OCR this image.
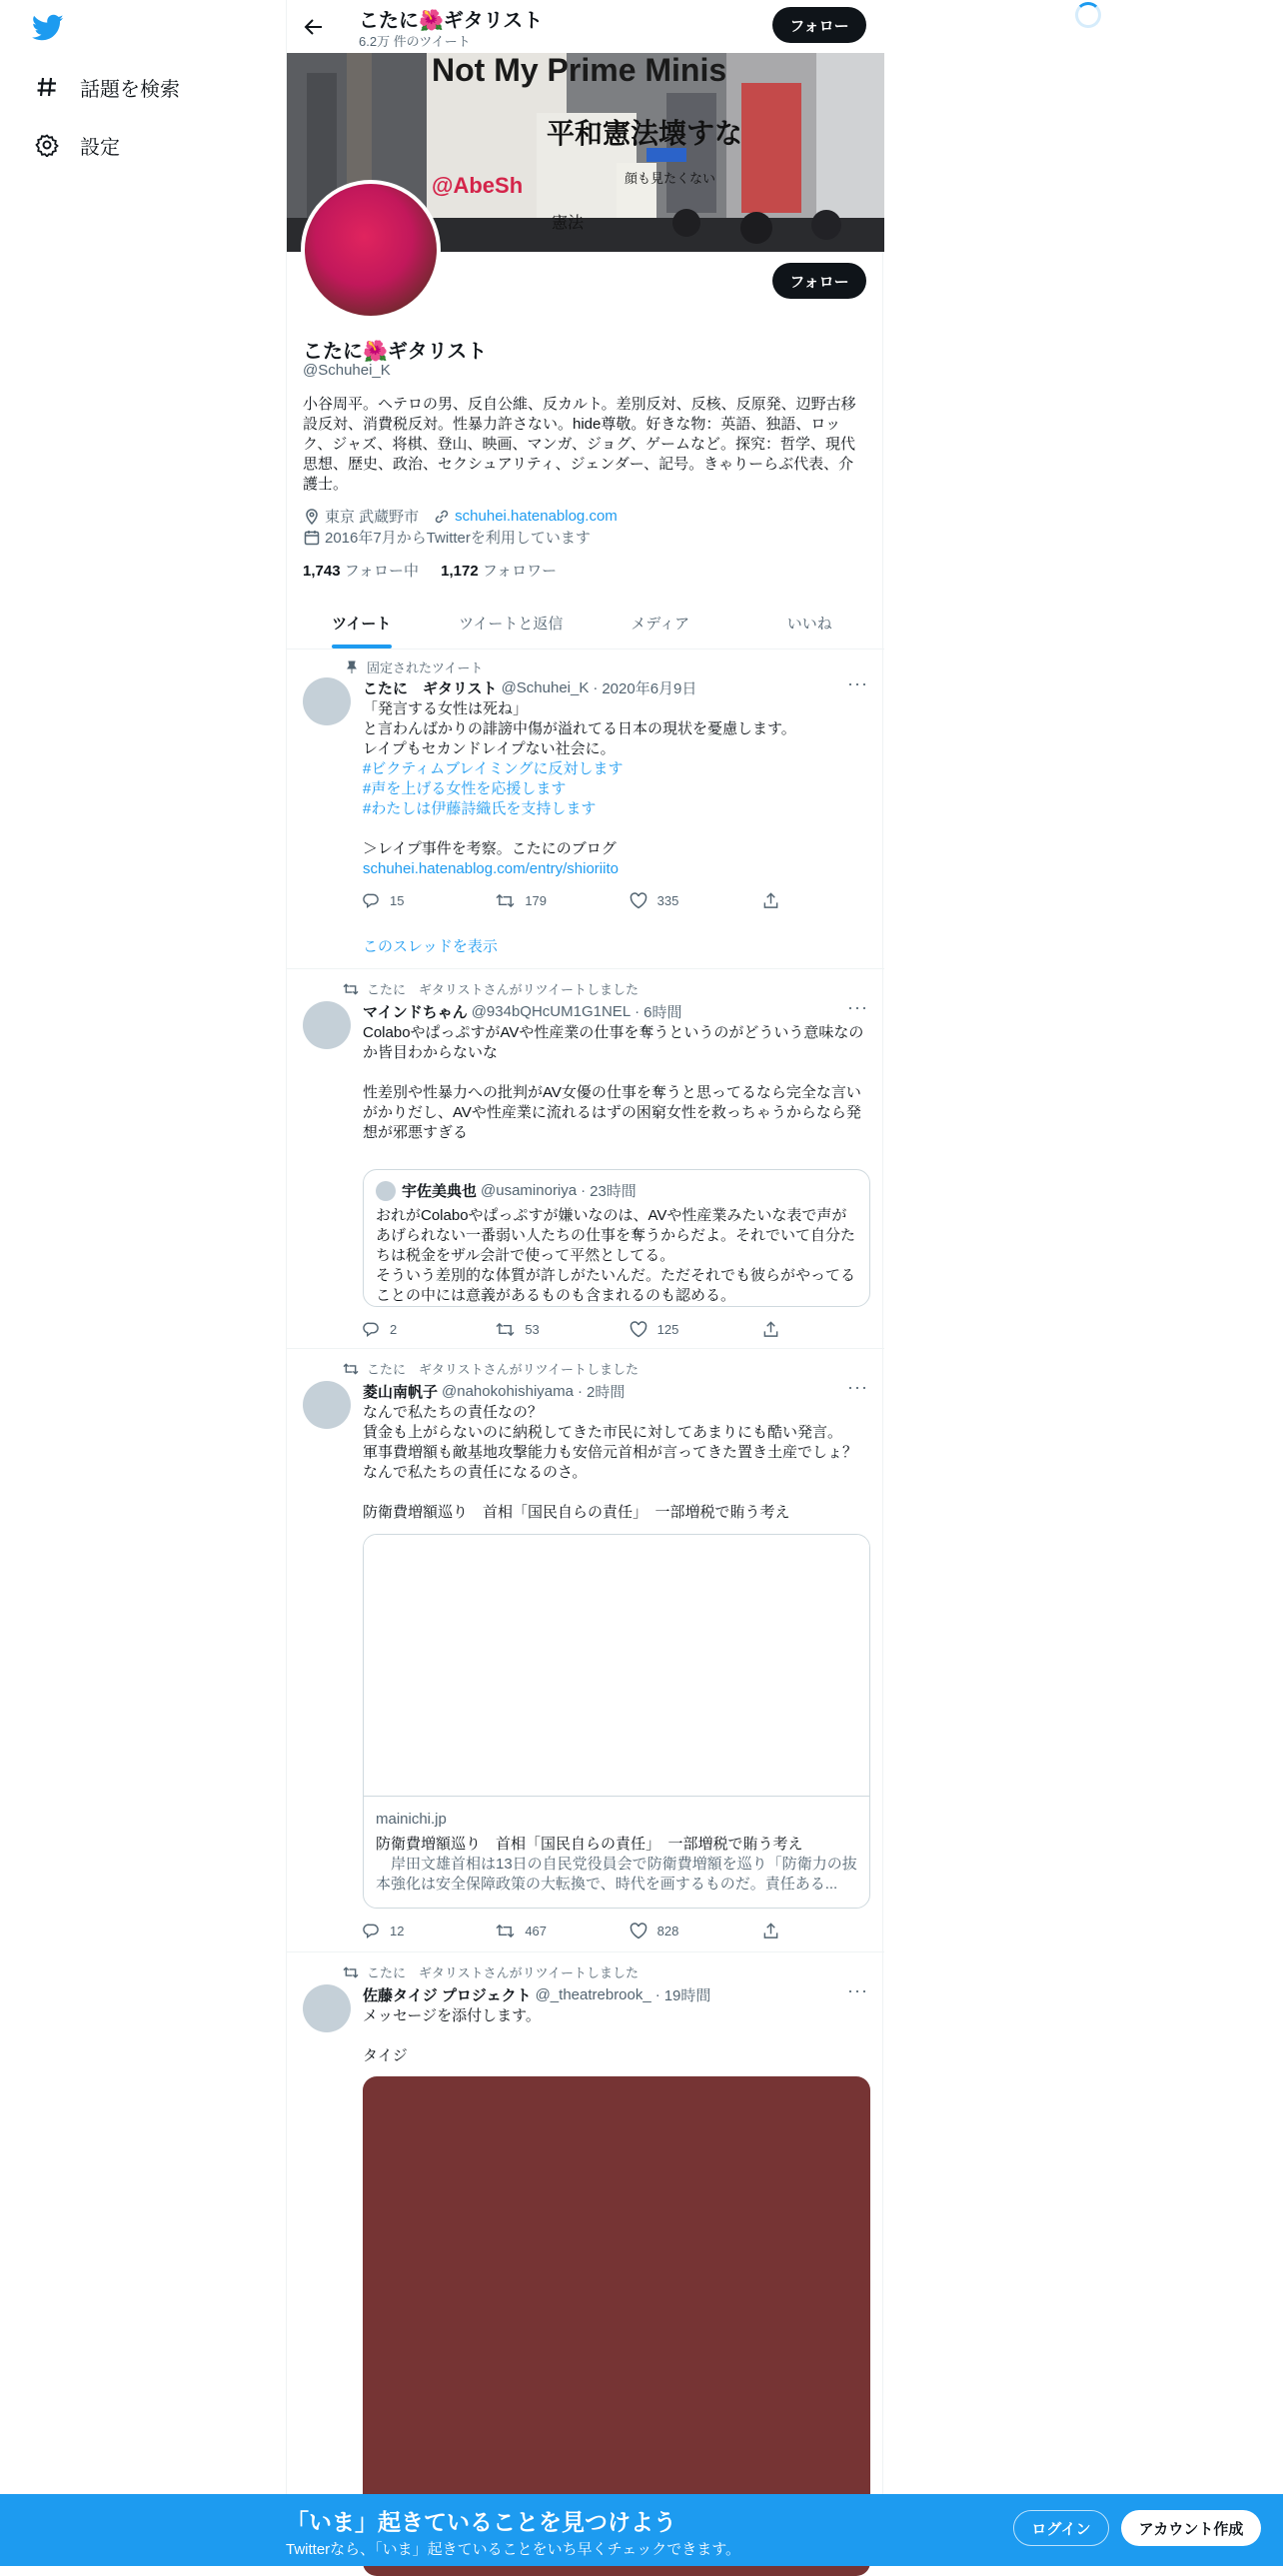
話題を検索
設定
こたに🌺ギタリスト
6.2万 件のツイート
フォロー
Not My Prime Minis
@AbeSh
平和憲法壊すな
憲法
顔も見たくない
フォロー
こたに🌺ギタリスト
@Schuhei_K
小谷周平。ヘテロの男、反自公維、反カルト。差別反対、反核、反原発、辺野古移設反対、消費税反対。性暴力許さない。hide尊敬。好きな物：英語、独語、ロック、ジャズ、将棋、登山、映画、マンガ、ジョグ、ゲームなど。探究：哲学、現代思想、歴史、政治、セクシュアリティ、ジェンダー、記号。きゃりーらぶ代表、介護士。
東京 武蔵野市 schuhei.hatenablog.com
2016年7月からTwitterを利用しています
1,743 フォロー中 1,172 フォロワー
ツイート	ツイートと返信	メディア	いいね
固定されたツイート
こたに　ギタリスト @Schuhei_K · 2020年6月9日	···
「発言する女性は死ね」
と言わんばかりの誹謗中傷が溢れてる日本の現状を憂慮します。
レイプもセカンドレイプない社会に。
#ビクティムブレイミングに反対します
#声を上げる女性を応援します
#わたしは伊藤詩織氏を支持します
＞レイプ事件を考察。こたにのブログ
schuhei.hatenablog.com/entry/shioriito
15	179	335
このスレッドを表示
こたに　ギタリストさんがリツイートしました
マインドちゃん @934bQHcUM1G1NEL · 6時間	···
ColaboやぱっぷすがAVや性産業の仕事を奪うというのがどういう意味なのか皆目わからないな
性差別や性暴力への批判がAV女優の仕事を奪うと思ってるなら完全な言いがかりだし、AVや性産業に流れるはずの困窮女性を救っちゃうからなら発想が邪悪すぎる
宇佐美典也 @usaminoriya · 23時間
おれがColaboやぱっぷすが嫌いなのは、AVや性産業みたいな表で声があげられない一番弱い人たちの仕事を奪うからだよ。それでいて自分たちは税金をザル会計で使って平然としてる。
そういう差別的な体質が許しがたいんだ。ただそれでも彼らがやってることの中には意義があるものも含まれるのも認める。
2	53	125
こたに　ギタリストさんがリツイートしました
菱山南帆子 @nahokohishiyama · 2時間	···
なんで私たちの責任なの？
賃金も上がらないのに納税してきた市民に対してあまりにも酷い発言。
軍事費増額も敵基地攻撃能力も安倍元首相が言ってきた置き土産でしょ？
なんで私たちの責任になるのさ。
防衛費増額巡り　首相「国民自らの責任」　一部増税で賄う考え
mainichi.jp
防衛費増額巡り　首相「国民自らの責任」　一部増税で賄う考え
　岸田文雄首相は13日の自民党役員会で防衛費増額を巡り「防衛力の抜本強化は安全保障政策の大転換で、時代を画するものだ。責任ある...
12	467	828
こたに　ギタリストさんがリツイートしました
佐藤タイジ プロジェクト @_theatrebrook_ · 19時間	···
メッセージを添付します。
タイジ
「いま」起きていることを見つけよう
Twitterなら、「いま」起きていることをいち早くチェックできます。
ログイン	アカウント作成
